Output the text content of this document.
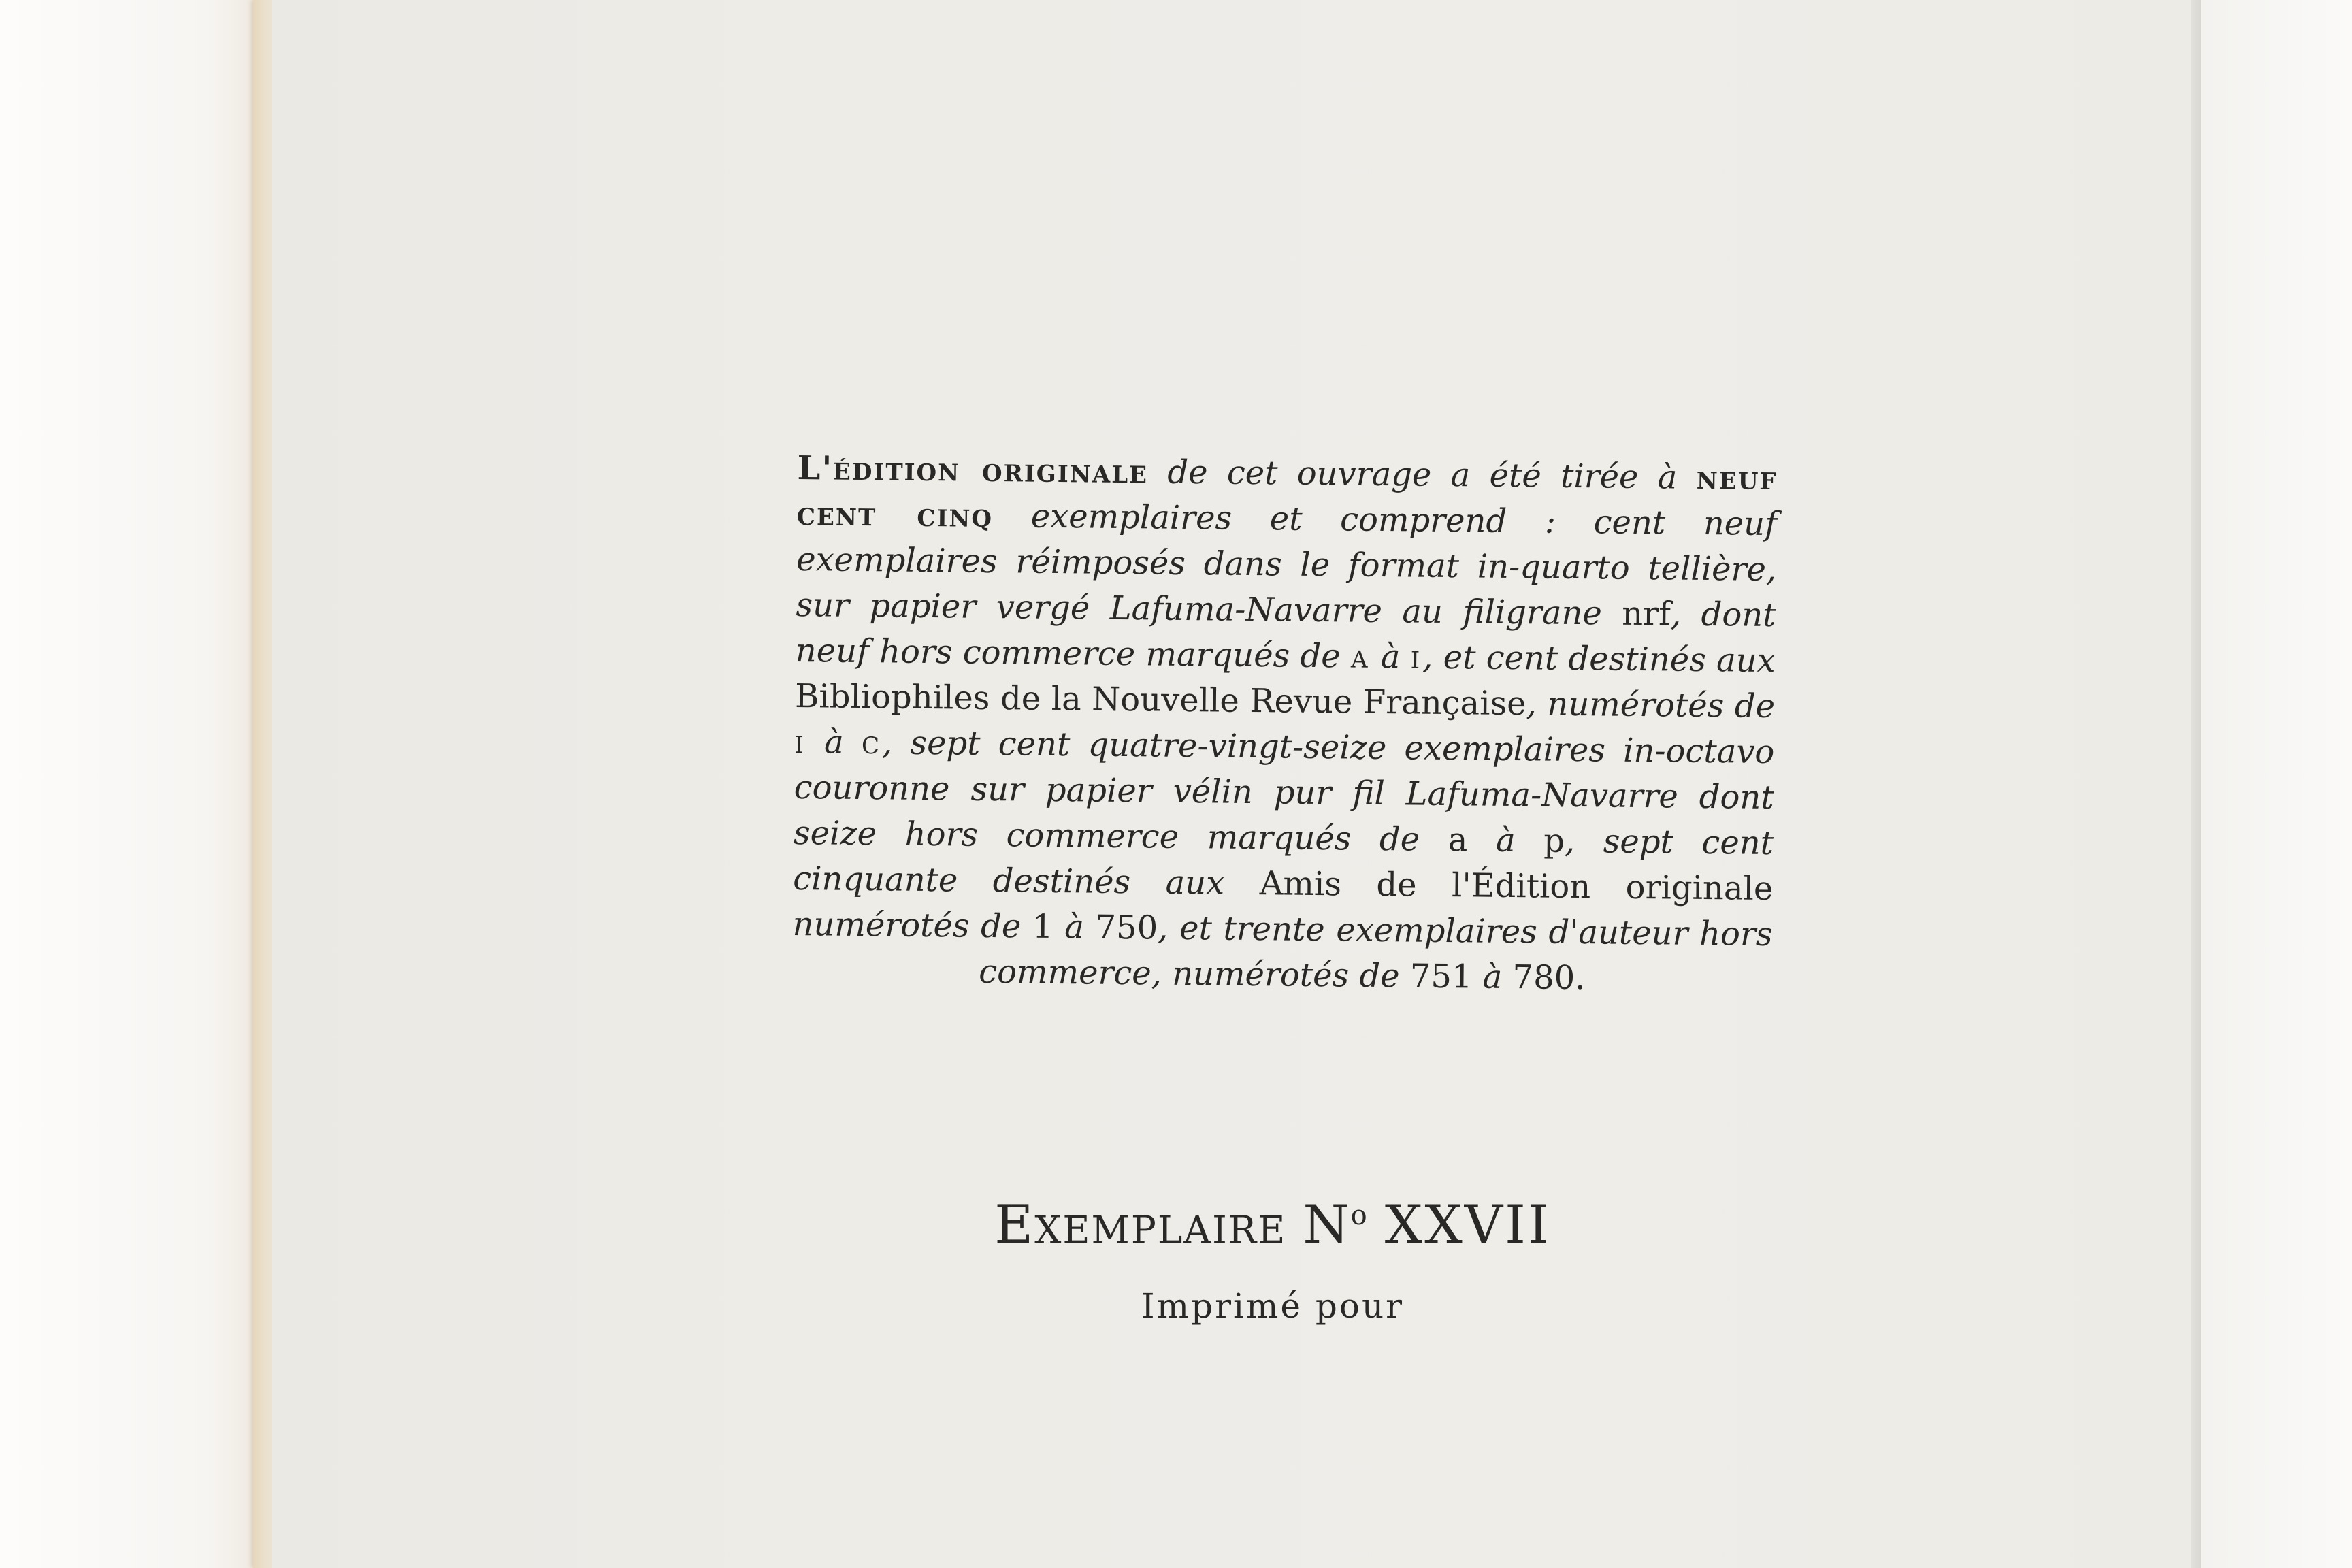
L'édition originale de cet ouvrage a été tirée à neuf cent cinq exemplaires et comprend : cent neuf exemplaires réimposés dans le format in-quarto tellière, sur papier vergé Lafuma-Navarre au filigrane nrf, dont neuf hors commerce marqués de a à i, et cent destinés aux Bibliophiles de la Nouvelle Revue Française, numérotés de i à c, sept cent quatre-vingt-seize exemplaires in-octavo couronne sur papier vélin pur fil Lafuma-Navarre dont seize hors commerce marqués de a à p, sept cent cinquante destinés aux Amis de l'Édition originale numérotés de 1 à 750, et trente exemplaires d'auteur hors commerce, numérotés de 751 à 780.

Exemplaire $N^o$ XXVII
Imprimé pour
